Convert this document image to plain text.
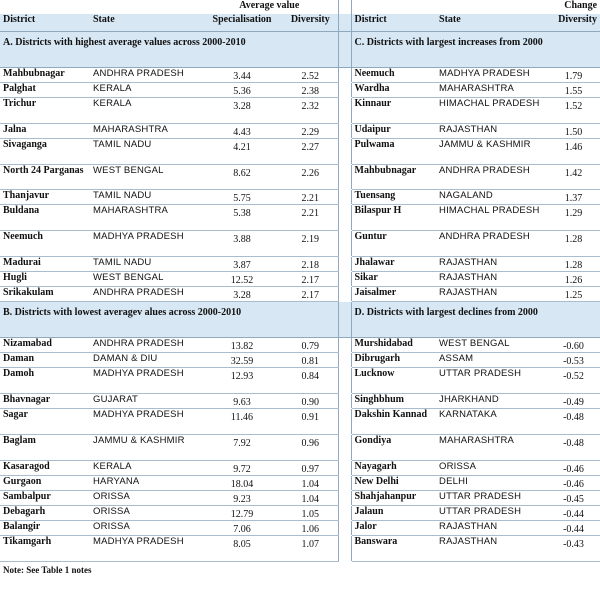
		Average value					Change
District	State	Specialisation	Diversity		District	State	Diversity
A. Districts with highest average values across 2000-2010					C. Districts with largest increases from 2000		
Mahbubnagar	ANDHRA PRADESH	3.44	2.52		Neemuch	MADHYA PRADESH	1.79
Palghat	KERALA	5.36	2.38		Wardha	MAHARASHTRA	1.55
Trichur	KERALA	3.28	2.32		Kinnaur	HIMACHAL PRADESH	1.52
Jalna	MAHARASHTRA	4.43	2.29		Udaipur	RAJASTHAN	1.50
Sivaganga	TAMIL NADU	4.21	2.27		Pulwama	JAMMU & KASHMIR	1.46
North 24 Parganas	WEST BENGAL	8.62	2.26		Mahbubnagar	ANDHRA PRADESH	1.42
Thanjavur	TAMIL NADU	5.75	2.21		Tuensang	NAGALAND	1.37
Buldana	MAHARASHTRA	5.38	2.21		Bilaspur H	HIMACHAL PRADESH	1.29
Neemuch	MADHYA PRADESH	3.88	2.19		Guntur	ANDHRA PRADESH	1.28
Madurai	TAMIL NADU	3.87	2.18		Jhalawar	RAJASTHAN	1.28
Hugli	WEST BENGAL	12.52	2.17		Sikar	RAJASTHAN	1.26
Srikakulam	ANDHRA PRADESH	3.28	2.17		Jaisalmer	RAJASTHAN	1.25
B. Districts with lowest averagev alues across 2000-2010					D. Districts with largest declines from 2000		
Nizamabad	ANDHRA PRADESH	13.82	0.79		Murshidabad	WEST BENGAL	-0.60
Daman	DAMAN & DIU	32.59	0.81		Dibrugarh	ASSAM	-0.53
Damoh	MADHYA PRADESH	12.93	0.84		Lucknow	UTTAR PRADESH	-0.52
Bhavnagar	GUJARAT	9.63	0.90		Singhbhum	JHARKHAND	-0.49
Sagar	MADHYA PRADESH	11.46	0.91		Dakshin Kannad	KARNATAKA	-0.48
Baglam	JAMMU & KASHMIR	7.92	0.96		Gondiya	MAHARASHTRA	-0.48
Kasaragod	KERALA	9.72	0.97		Nayagarh	ORISSA	-0.46
Gurgaon	HARYANA	18.04	1.04		New Delhi	DELHI	-0.46
Sambalpur	ORISSA	9.23	1.04		Shahjahanpur	UTTAR PRADESH	-0.45
Debagarh	ORISSA	12.79	1.05		Jalaun	UTTAR PRADESH	-0.44
Balangir	ORISSA	7.06	1.06		Jalor	RAJASTHAN	-0.44
Tikamgarh	MADHYA PRADESH	8.05	1.07		Banswara	RAJASTHAN	-0.43
Note: See Table 1 notes							
